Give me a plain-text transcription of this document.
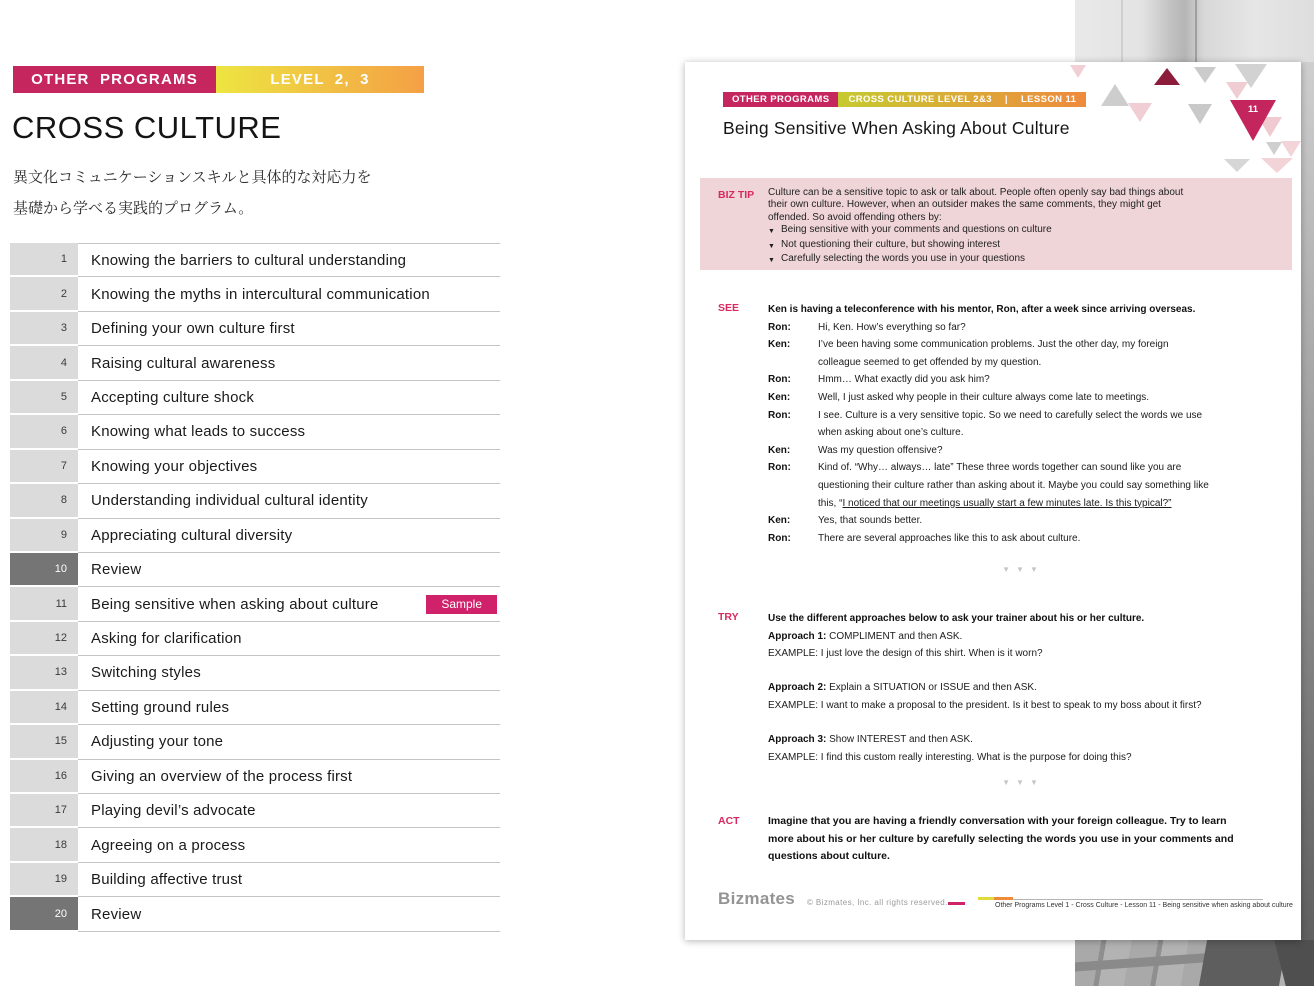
OTHER PROGRAMS	LEVEL 2, 3
CROSS CULTURE
異文化コミュニケーションスキルと具体的な対応力を
基礎から学べる実践的プログラム。
1	Knowing the barriers to cultural understanding
2	Knowing the myths in intercultural communication
3	Defining your own culture first
4	Raising cultural awareness
5	Accepting culture shock
6	Knowing what leads to success
7	Knowing your objectives
8	Understanding individual cultural identity
9	Appreciating cultural diversity
10	Review
11	Being sensitive when asking about culture	Sample
12	Asking for clarification
13	Switching styles
14	Setting ground rules
15	Adjusting your tone
16	Giving an overview of the process first
17	Playing devil’s advocate
18	Agreeing on a process
19	Building affective trust
20	Review
11
OTHER PROGRAMS	CROSS CULTURE LEVEL 2&3 | LESSON 11
Being Sensitive When Asking About Culture
BIZ TIP Culture can be a sensitive topic to ask or talk about. People often openly say bad things about
their own culture. However, when an outsider makes the same comments, they might get
offended. So avoid offending others by:
▼ Being sensitive with your comments and questions on culture
▼ Not questioning their culture, but showing interest
▼ Carefully selecting the words you use in your questions
SEE	Ken is having a teleconference with his mentor, Ron, after a week since arriving overseas.
Ron:	Hi, Ken. How’s everything so far?
Ken:	I’ve been having some communication problems. Just the other day, my foreign
colleague seemed to get offended by my question.
Ron:	Hmm… What exactly did you ask him?
Ken:	Well, I just asked why people in their culture always come late to meetings.
Ron:	I see. Culture is a very sensitive topic. So we need to carefully select the words we use
when asking about one’s culture.
Ken:	Was my question offensive?
Ron:	Kind of. “Why… always… late” These three words together can sound like you are
questioning their culture rather than asking about it. Maybe you could say something like
this, “I noticed that our meetings usually start a few minutes late. Is this typical?”
Ken:	Yes, that sounds better.
Ron:	There are several approaches like this to ask about culture.
▼▼▼
TRY	Use the different approaches below to ask your trainer about his or her culture.
Approach 1: COMPLIMENT and then ASK.
EXAMPLE: I just love the design of this shirt. When is it worn?
Approach 2: Explain a SITUATION or ISSUE and then ASK.
EXAMPLE: I want to make a proposal to the president. Is it best to speak to my boss about it first?
Approach 3: Show INTEREST and then ASK.
EXAMPLE: I find this custom really interesting. What is the purpose for doing this?
▼▼▼
ACT	Imagine that you are having a friendly conversation with your foreign colleague. Try to learn
more about his or her culture by carefully selecting the words you use in your comments and
questions about culture.
Bizmates © Bizmates, Inc. all rights reserved.	Other Programs Level 1 - Cross Culture - Lesson 11 - Being sensitive when asking about culture
